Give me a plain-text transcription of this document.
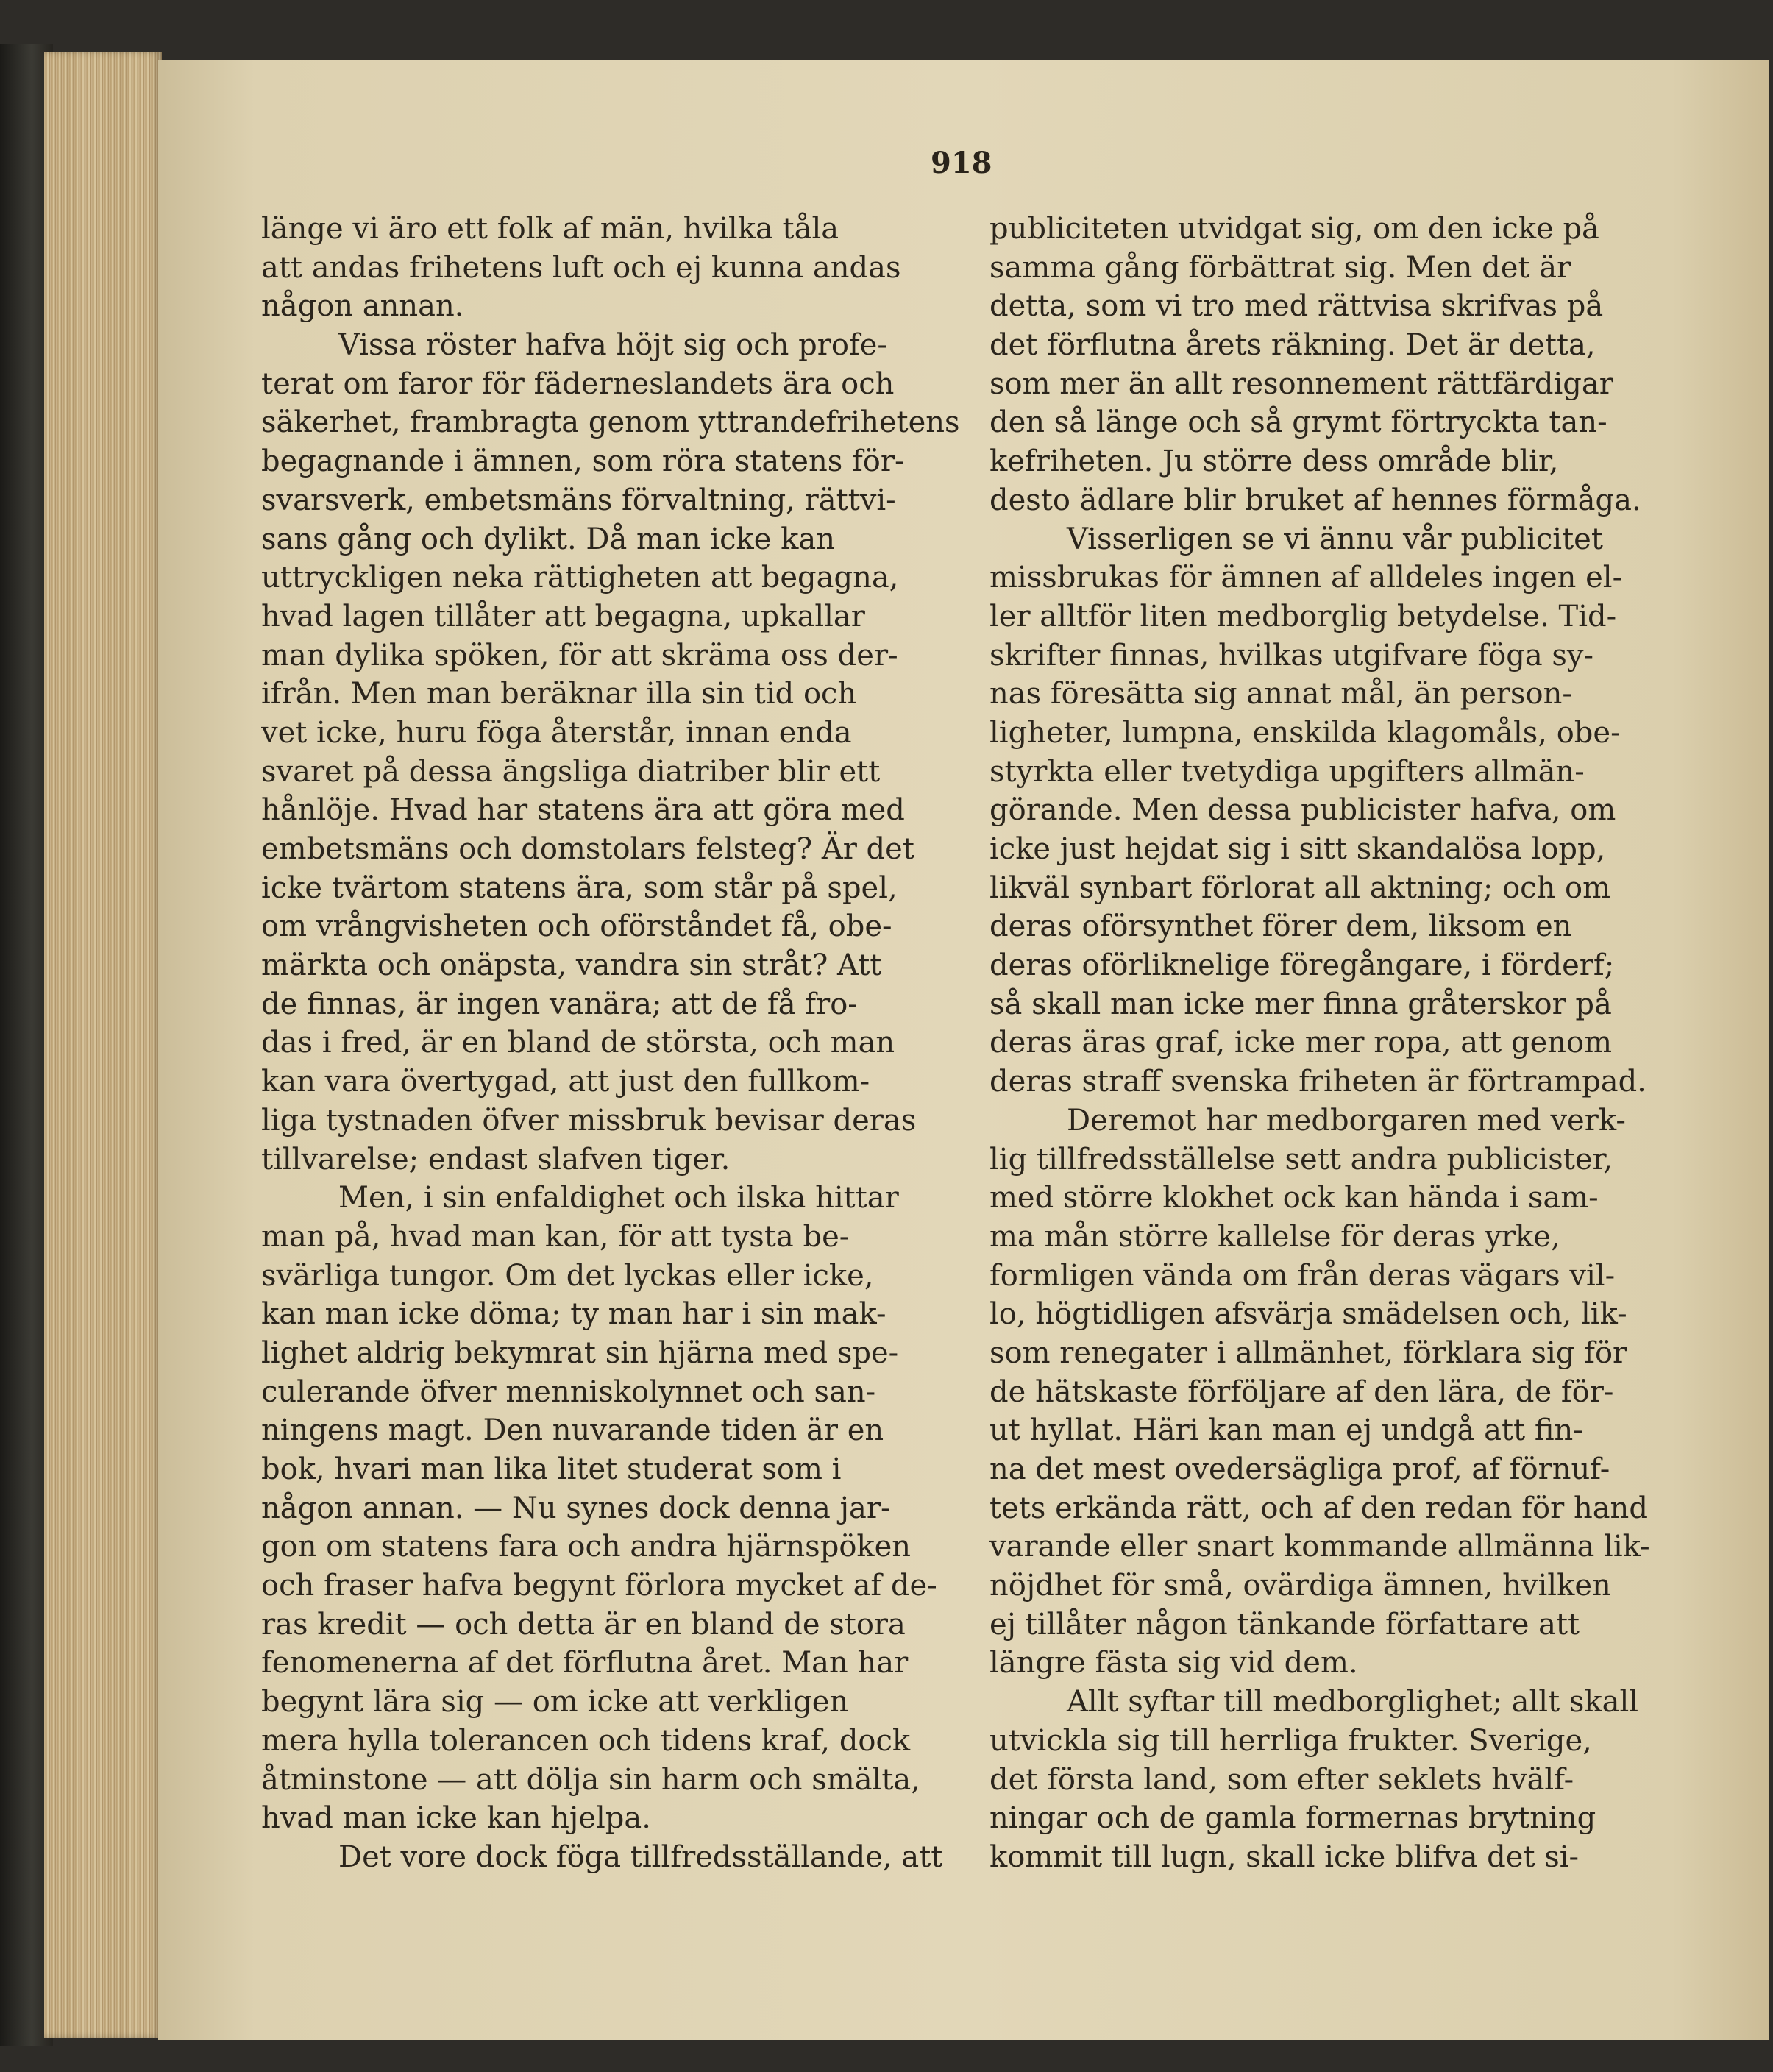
918
länge vi äro ett folk af män, hvilka tåla
att andas frihetens luft och ej kunna andas
någon annan.
Vissa röster hafva höjt sig och profe-
terat om faror för fäderneslandets ära och
säkerhet, frambragta genom yttrandefrihetens
begagnande i ämnen, som röra statens för-
svarsverk, embetsmäns förvaltning, rättvi-
sans gång och dylikt. Då man icke kan
uttryckligen neka rättigheten att begagna,
hvad lagen tillåter att begagna, upkallar
man dylika spöken, för att skräma oss der-
ifrån. Men man beräknar illa sin tid och
vet icke, huru föga återstår, innan enda
svaret på dessa ängsliga diatriber blir ett
hånlöje. Hvad har statens ära att göra med
embetsmäns och domstolars felsteg? Är det
icke tvärtom statens ära, som står på spel,
om vrångvisheten och oförståndet få, obe-
märkta och onäpsta, vandra sin stråt? Att
de finnas, är ingen vanära; att de få fro-
das i fred, är en bland de största, och man
kan vara övertygad, att just den fullkom-
liga tystnaden öfver missbruk bevisar deras
tillvarelse; endast slafven tiger.
Men, i sin enfaldighet och ilska hittar
man på, hvad man kan, för att tysta be-
svärliga tungor. Om det lyckas eller icke,
kan man icke döma; ty man har i sin mak-
lighet aldrig bekymrat sin hjärna med spe-
culerande öfver menniskolynnet och san-
ningens magt. Den nuvarande tiden är en
bok, hvari man lika litet studerat som i
någon annan. — Nu synes dock denna jar-
gon om statens fara och andra hjärnspöken
och fraser hafva begynt förlora mycket af de-
ras kredit — och detta är en bland de stora
fenomenerna af det förflutna året. Man har
begynt lära sig — om icke att verkligen
mera hylla tolerancen och tidens kraf, dock
åtminstone — att dölja sin harm och smälta,
hvad man icke kan hjelpa.
Det vore dock föga tillfredsställande, att
publiciteten utvidgat sig, om den icke på
samma gång förbättrat sig. Men det är
detta, som vi tro med rättvisa skrifvas på
det förflutna årets räkning. Det är detta,
som mer än allt resonnement rättfärdigar
den så länge och så grymt förtryckta tan-
kefriheten. Ju större dess område blir,
desto ädlare blir bruket af hennes förmåga.
Visserligen se vi ännu vår publicitet
missbrukas för ämnen af alldeles ingen el-
ler alltför liten medborglig betydelse. Tid-
skrifter finnas, hvilkas utgifvare föga sy-
nas föresätta sig annat mål, än person-
ligheter, lumpna, enskilda klagomåls, obe-
styrkta eller tvetydiga upgifters allmän-
görande. Men dessa publicister hafva, om
icke just hejdat sig i sitt skandalösa lopp,
likväl synbart förlorat all aktning; och om
deras oförsynthet förer dem, liksom en
deras oförliknelige föregångare, i förderf;
så skall man icke mer finna gråterskor på
deras äras graf, icke mer ropa, att genom
deras straff svenska friheten är förtrampad.
Deremot har medborgaren med verk-
lig tillfredsställelse sett andra publicister,
med större klokhet ock kan hända i sam-
ma mån större kallelse för deras yrke,
formligen vända om från deras vägars vil-
lo, högtidligen afsvärja smädelsen och, lik-
som renegater i allmänhet, förklara sig för
de hätskaste förföljare af den lära, de för-
ut hyllat. Häri kan man ej undgå att fin-
na det mest ovedersägliga prof, af förnuf-
tets erkända rätt, och af den redan för hand
varande eller snart kommande allmänna lik-
nöjdhet för små, ovärdiga ämnen, hvilken
ej tillåter någon tänkande författare att
längre fästa sig vid dem.
Allt syftar till medborglighet; allt skall
utvickla sig till herrliga frukter. Sverige,
det första land, som efter seklets hvälf-
ningar och de gamla formernas brytning
kommit till lugn, skall icke blifva det si-
